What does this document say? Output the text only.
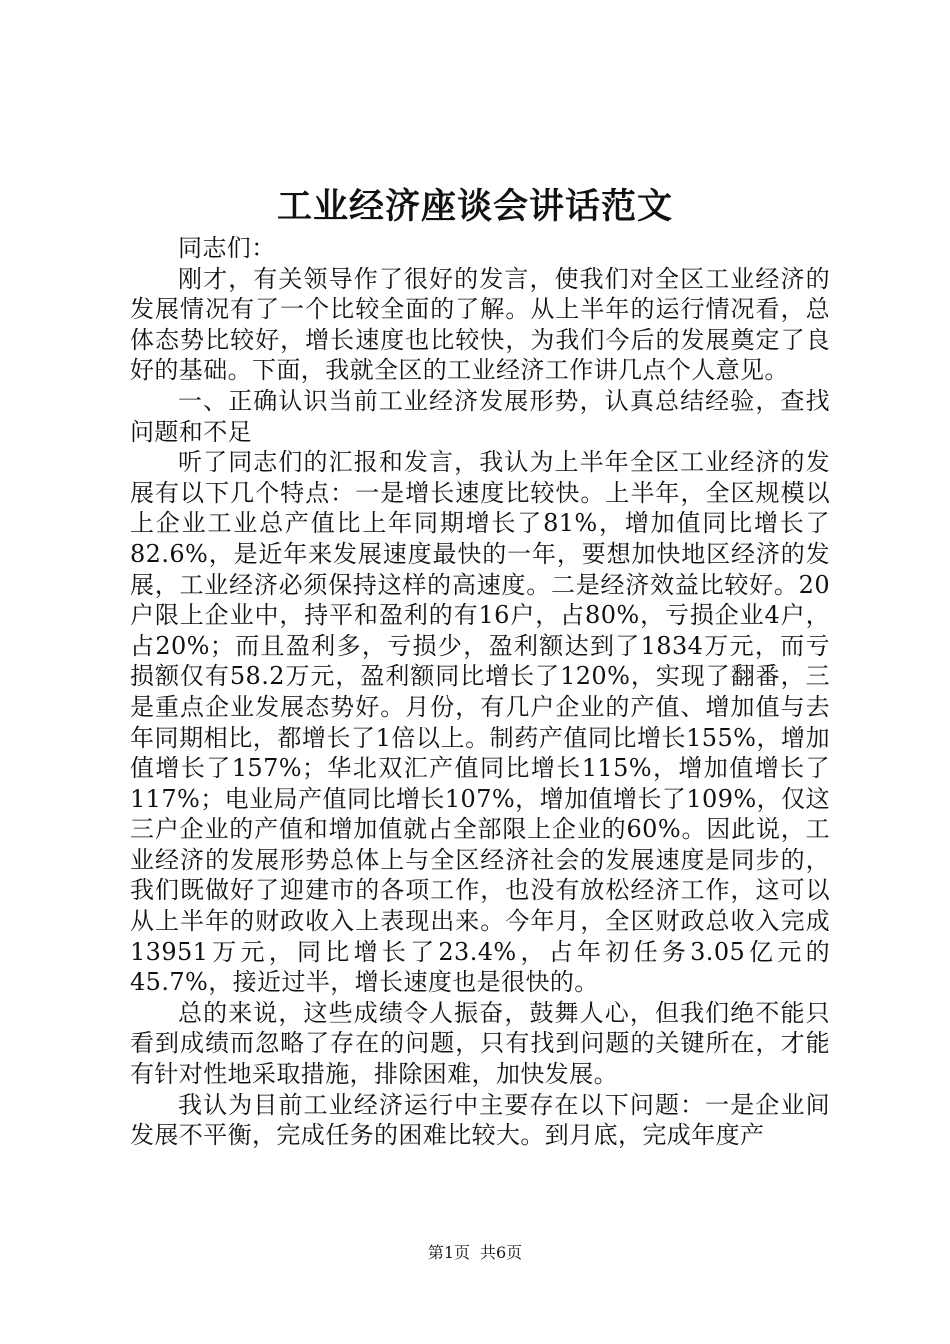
工业经济座谈会讲话范文

同志们：

刚才，有关领导作了很好的发言，使我们对全区工业经济的发展情况有了一个比较全面的了解。从上半年的运行情况看，总体态势比较好，增长速度也比较快，为我们今后的发展奠定了良好的基础。下面，我就全区的工业经济工作讲几点个人意见。

一、正确认识当前工业经济发展形势，认真总结经验，查找问题和不足

听了同志们的汇报和发言，我认为上半年全区工业经济的发展有以下几个特点：一是增长速度比较快。上半年，全区规模以上企业工业总产值比上年同期增长了81%，增加值同比增长了82.6%，是近年来发展速度最快的一年，要想加快地区经济的发展，工业经济必须保持这样的高速度。二是经济效益比较好。20户限上企业中，持平和盈利的有16户，占80%，亏损企业4户，占20%；而且盈利多，亏损少，盈利额达到了1834万元，而亏损额仅有58.2万元，盈利额同比增长了120%，实现了翻番，三是重点企业发展态势好。月份，有几户企业的产值、增加值与去年同期相比，都增长了1倍以上。制药产值同比增长155%，增加值增长了157%；华北双汇产值同比增长115%，增加值增长了117%；电业局产值同比增长107%，增加值增长了109%，仅这三户企业的产值和增加值就占全部限上企业的60%。因此说，工业经济的发展形势总体上与全区经济社会的发展速度是同步的，我们既做好了迎建市的各项工作，也没有放松经济工作，这可以从上半年的财政收入上表现出来。今年月，全区财政总收入完成13951万元，同比增长了23.4%，占年初任务3.05亿元的45.7%，接近过半，增长速度也是很快的。

总的来说，这些成绩令人振奋，鼓舞人心，但我们绝不能只看到成绩而忽略了存在的问题，只有找到问题的关键所在，才能有针对性地采取措施，排除困难，加快发展。

我认为目前工业经济运行中主要存在以下问题：一是企业间发展不平衡，完成任务的困难比较大。到月底，完成年度产

第1页 共6页
